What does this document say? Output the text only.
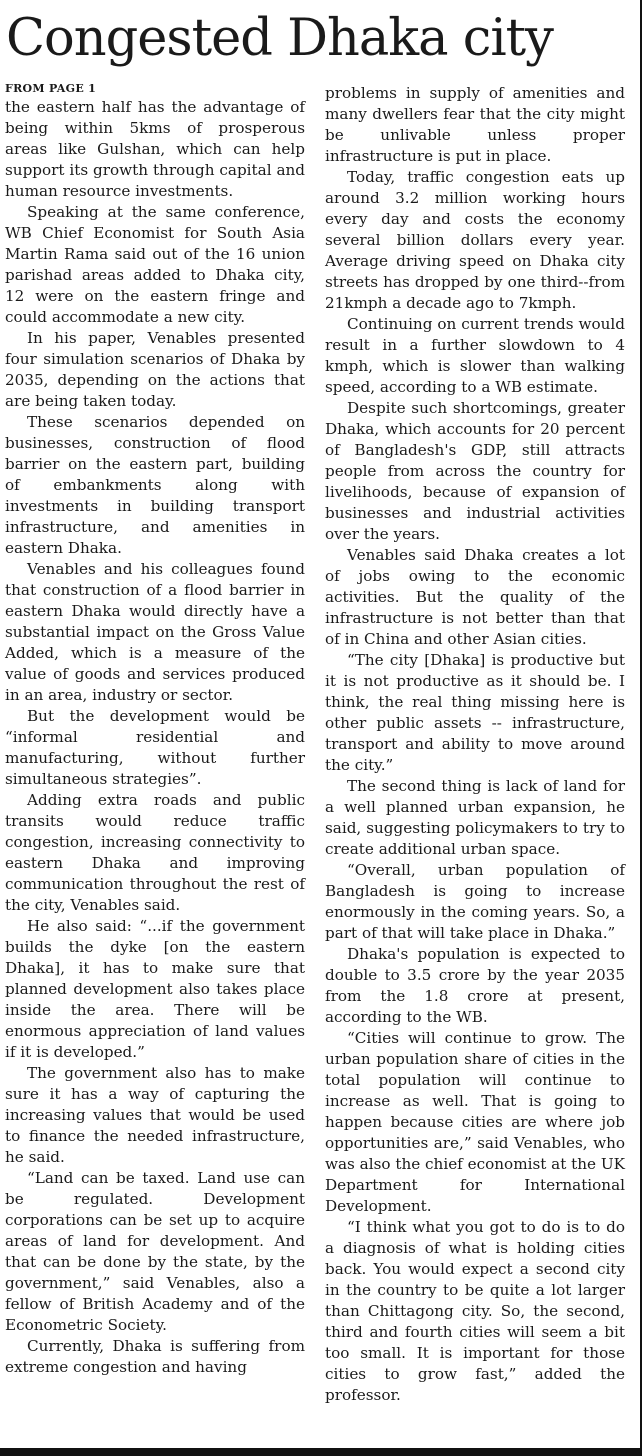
Congested Dhaka city
FROM PAGE 1

the eastern half has the advantage of being within 5kms of prosperous areas like Gulshan, which can help support its growth through capital and human resource investments.

Speaking at the same conference, WB Chief Economist for South Asia Martin Rama said out of the 16 union parishad areas added to Dhaka city, 12 were on the eastern fringe and could accommodate a new city.

In his paper, Venables presented four simulation scenarios of Dhaka by 2035, depending on the actions that are being taken today.

These scenarios depended on businesses, construction of flood barrier on the eastern part, building of embankments along with investments in building transport infrastructure, and amenities in eastern Dhaka.

Venables and his colleagues found that construction of a flood barrier in eastern Dhaka would directly have a substantial impact on the Gross Value Added, which is a measure of the value of goods and services produced in an area, industry or sector.

But the development would be “informal residential and manufacturing, without further simultaneous strategies”.

Adding extra roads and public transits would reduce traffic congestion, increasing connectivity to eastern Dhaka and improving communication throughout the rest of the city, Venables said.

He also said: “...if the government builds the dyke [on the eastern Dhaka], it has to make sure that planned development also takes place inside the area. There will be enormous appreciation of land values if it is developed.”

The government also has to make sure it has a way of capturing the increasing values that would be used to finance the needed infrastructure, he said.

“Land can be taxed. Land use can be regulated. Development corporations can be set up to acquire areas of land for development. And that can be done by the state, by the government,” said Venables, also a fellow of British Academy and of the Econometric Society.

Currently, Dhaka is suffering from extreme congestion and having

problems in supply of amenities and many dwellers fear that the city might be unlivable unless proper infrastructure is put in place.

Today, traffic congestion eats up around 3.2 million working hours every day and costs the economy several billion dollars every year. Average driving speed on Dhaka city streets has dropped by one third--from 21kmph a decade ago to 7kmph.

Continuing on current trends would result in a further slowdown to 4 kmph, which is slower than walking speed, according to a WB estimate.

Despite such shortcomings, greater Dhaka, which accounts for 20 percent of Bangladesh's GDP, still attracts people from across the country for livelihoods, because of expansion of businesses and industrial activities over the years.

Venables said Dhaka creates a lot of jobs owing to the economic activities. But the quality of the infrastructure is not better than that of in China and other Asian cities.

“The city [Dhaka] is productive but it is not productive as it should be. I think, the real thing missing here is other public assets -- infrastructure, transport and ability to move around the city.”

The second thing is lack of land for a well planned urban expansion, he said, suggesting policymakers to try to create additional urban space.

“Overall, urban population of Bangladesh is going to increase enormously in the coming years. So, a part of that will take place in Dhaka.”

Dhaka's population is expected to double to 3.5 crore by the year 2035 from the 1.8 crore at present, according to the WB.

“Cities will continue to grow. The urban population share of cities in the total population will continue to increase as well. That is going to happen because cities are where job opportunities are,” said Venables, who was also the chief economist at the UK Department for International Development.

“I think what you got to do is to do a diagnosis of what is holding cities back. You would expect a second city in the country to be quite a lot larger than Chittagong city. So, the second, third and fourth cities will seem a bit too small. It is important for those cities to grow fast,” added the professor.
